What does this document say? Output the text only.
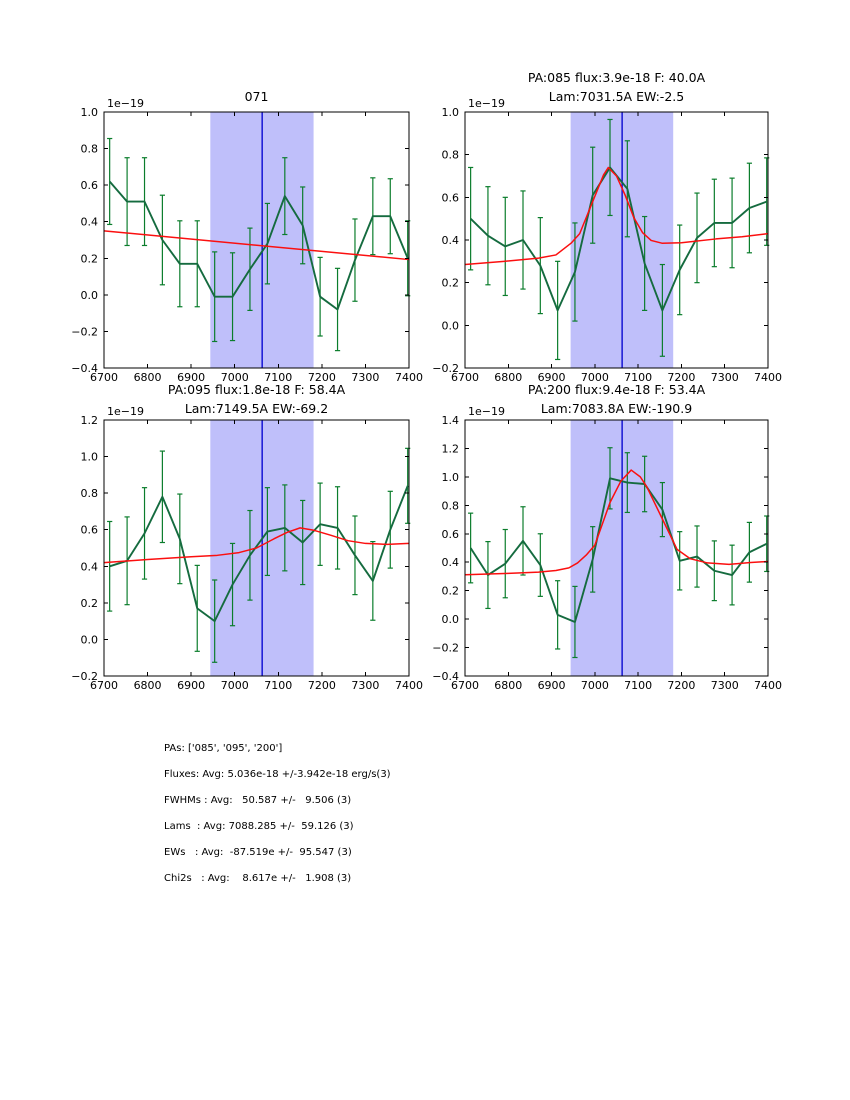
6700 6800 6900 7000 7100 7200 7300 7400
−0.4
−0.2
0.0
0.2
0.4
0.6
0.8
1.0
1e−19
6700 6800 6900 7000 7100 7200 7300 7400
−0.2
0.0
0.2
0.4
0.6
0.8
1.0
1e−19
6700 6800 6900 7000 7100 7200 7300 7400
−0.2
0.0
0.2
0.4
0.6
0.8
1.0
1.2
1e−19
6700 6800 6900 7000 7100 7200 7300 7400
−0.4
−0.2
0.0
0.2
0.4
0.6
0.8
1.0
1.2
1.4
1e−19
071
PA:085 flux:3.9e-18 F: 40.0A
Lam:7031.5A EW:-2.5
PA:095 flux:1.8e-18 F: 58.4A
Lam:7149.5A EW:-69.2
PA:200 flux:9.4e-18 F: 53.4A
Lam:7083.8A EW:-190.9
PAs: ['085', '095', '200']
Fluxes: Avg: 5.036e-18 +/-3.942e-18 erg/s(3)
FWHMs : Avg:   50.587 +/-   9.506 (3)
Lams  : Avg: 7088.285 +/-  59.126 (3)
EWs   : Avg:  -87.519e +/-  95.547 (3)
Chi2s   : Avg:    8.617e +/-   1.908 (3)
